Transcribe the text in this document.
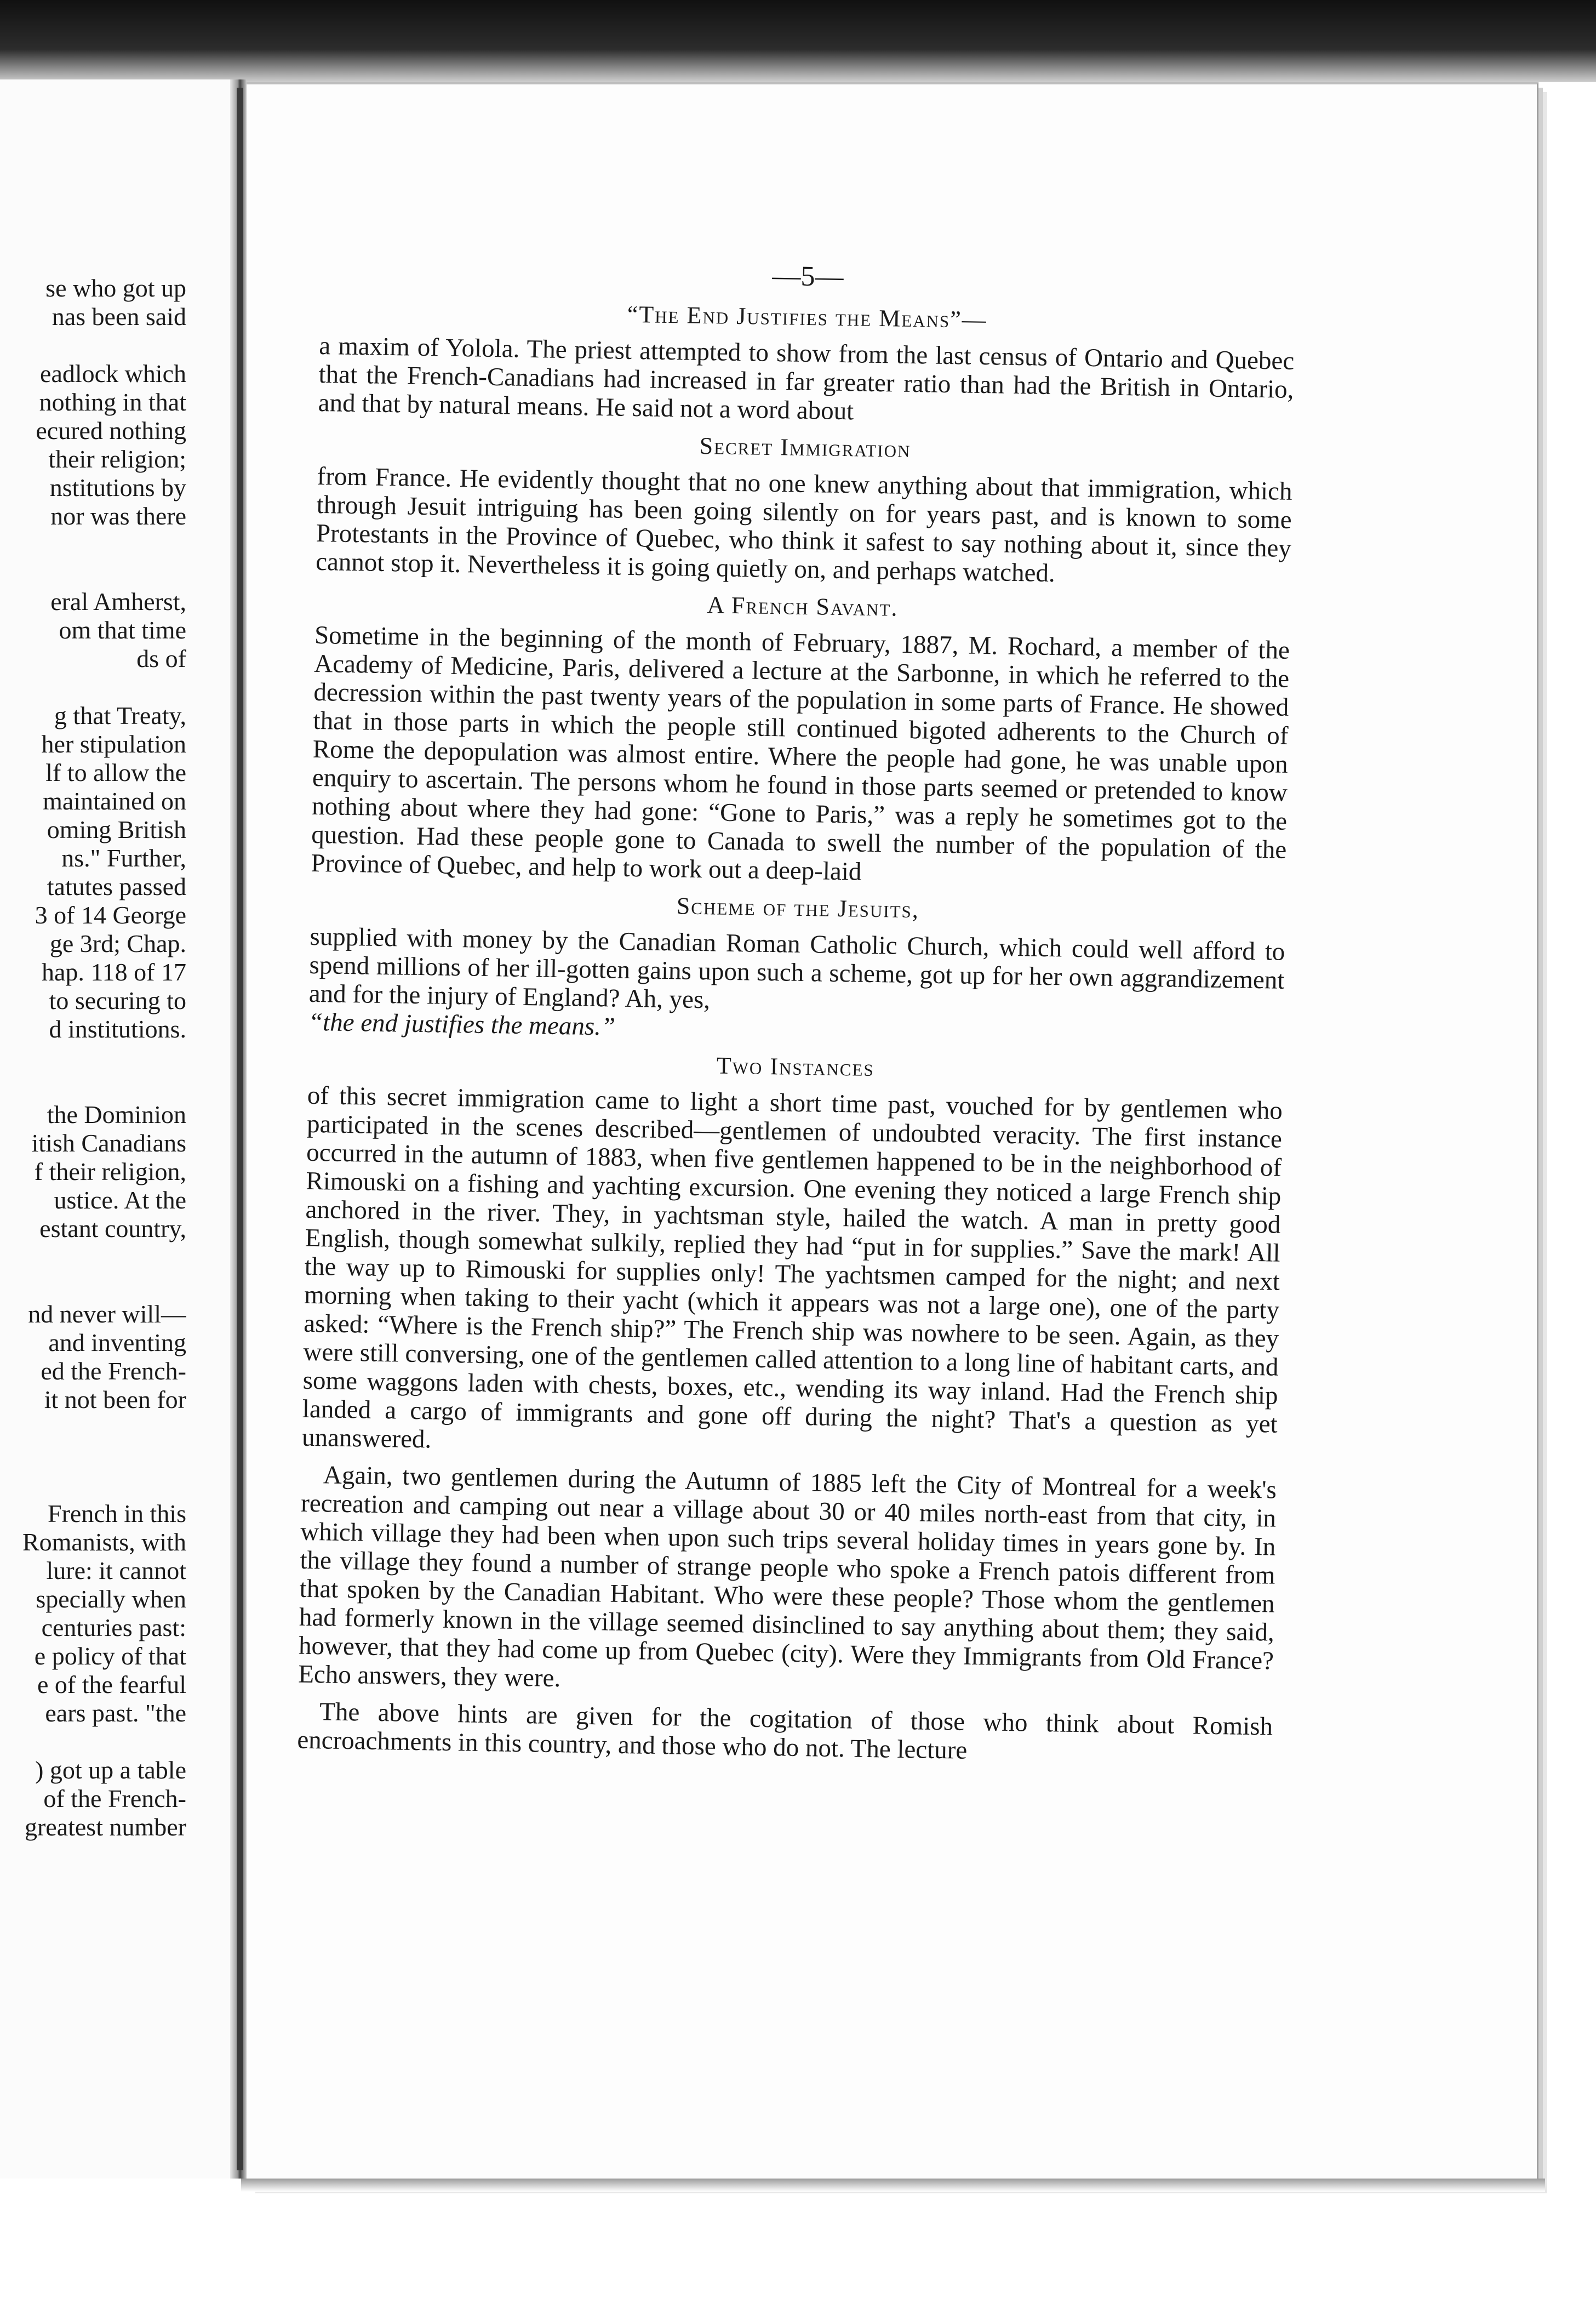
se who got up
nas been said
eadlock which
nothing in that
ecured nothing
their religion;
nstitutions by
nor was there
eral Amherst,
om that time
ds of
g that Treaty,
her stipulation
lf to allow the
maintained on
oming British
ns." Further,
tatutes passed
3 of 14 George
ge 3rd; Chap.
hap. 118 of 17
to securing to
d institutions.
the Dominion
itish Canadians
f their religion,
ustice. At the
estant country,
nd never will—
and inventing
ed the French-
it not been for
French in this
Romanists, with
lure: it cannot
specially when
centuries past:
e policy of that
e of the fearful
ears past. "the
) got up a table
of the French-
greatest number
—5—
“The End Justifies the Means”—

a maxim of Yolola. The priest attempted to show from the last census of Ontario and Quebec that the French-Canadians had increased in far greater ratio than had the British in Ontario, and that by natural means. He said not a word about

Secret Immigration

from France. He evidently thought that no one knew anything about that immigration, which through Jesuit intriguing has been going silently on for years past, and is known to some Protestants in the Province of Quebec, who think it safest to say nothing about it, since they cannot stop it. Nevertheless it is going quietly on, and perhaps watched.

A French Savant.

Sometime in the beginning of the month of February, 1887, M. Rochard, a member of the Academy of Medicine, Paris, delivered a lecture at the Sarbonne, in which he referred to the decression within the past twenty years of the population in some parts of France. He showed that in those parts in which the people still continued bigoted adherents to the Church of Rome the depopulation was almost entire. Where the people had gone, he was unable upon enquiry to ascertain. The persons whom he found in those parts seemed or pretended to know nothing about where they had gone: “Gone to Paris,” was a reply he sometimes got to the question. Had these people gone to Canada to swell the number of the population of the Province of Quebec, and help to work out a deep-laid

Scheme of the Jesuits,

supplied with money by the Canadian Roman Catholic Church, which could well afford to spend millions of her ill-gotten gains upon such a scheme, got up for her own aggrandizement and for the injury of England? Ah, yes,

“the end justifies the means.”

Two Instances

of this secret immigration came to light a short time past, vouched for by gentlemen who participated in the scenes described—gentlemen of undoubted veracity. The first instance occurred in the autumn of 1883, when five gentlemen happened to be in the neighborhood of Rimouski on a fishing and yachting excursion. One evening they noticed a large French ship anchored in the river. They, in yachtsman style, hailed the watch. A man in pretty good English, though somewhat sulkily, replied they had “put in for supplies.” Save the mark! All the way up to Rimouski for supplies only! The yachtsmen camped for the night; and next morning when taking to their yacht (which it appears was not a large one), one of the party asked: “Where is the French ship?” The French ship was nowhere to be seen. Again, as they were still conversing, one of the gentlemen called attention to a long line of habitant carts, and some waggons laden with chests, boxes, etc., wending its way inland. Had the French ship landed a cargo of immigrants and gone off during the night? That's a question as yet unanswered.

Again, two gentlemen during the Autumn of 1885 left the City of Montreal for a week's recreation and camping out near a village about 30 or 40 miles north-east from that city, in which village they had been when upon such trips several holiday times in years gone by. In the village they found a number of strange people who spoke a French patois different from that spoken by the Canadian Habitant. Who were these people? Those whom the gentlemen had formerly known in the village seemed disinclined to say anything about them; they said, however, that they had come up from Quebec (city). Were they Immigrants from Old France? Echo answers, they were.

The above hints are given for the cogitation of those who think about Romish encroachments in this country, and those who do not. The lecture
